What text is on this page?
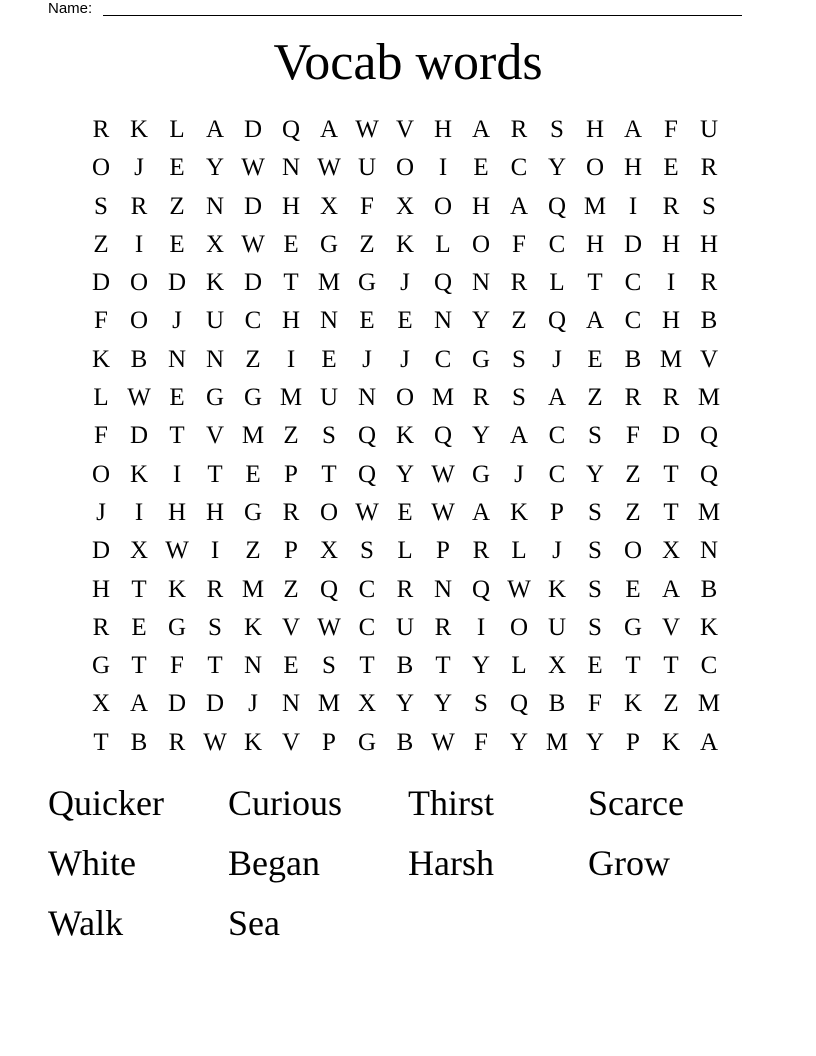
Name:
Vocab words
R K L A D Q A W V H A R S H A F U
O J	E Y W N W U O I	E C Y O H E R
S R Z N D H X F X O H A Q M I	R S
Z	I	E X W E G Z K L O F C H D H H
D O D K D T M G J Q N R L T C	I	R
F O J U C H N E E N Y Z Q A C H B
K B N N Z	I	E	J	J C G S	J	E B M V
L W E G G M U N O M R S A Z R R M
F D T V M Z S Q K Q Y A C S F D Q
O K I	T E P T Q Y W G J C Y Z T Q
J	I H H G R O W E W A K P S Z T M
D X W I	Z P X S L P R L	J	S O X N
H T K R M Z Q C R N Q W K S E A B
R E G S K V W C U R	I O U S G V K
G T F T N E S T B T Y L X E T T C
X A D D J N M X Y Y S Q B F K Z M
T B R W K V P G B W F Y M Y P K A
Quicker	Curious	Thirst	Scarce
White	Began	Harsh	Grow
Walk	Sea
